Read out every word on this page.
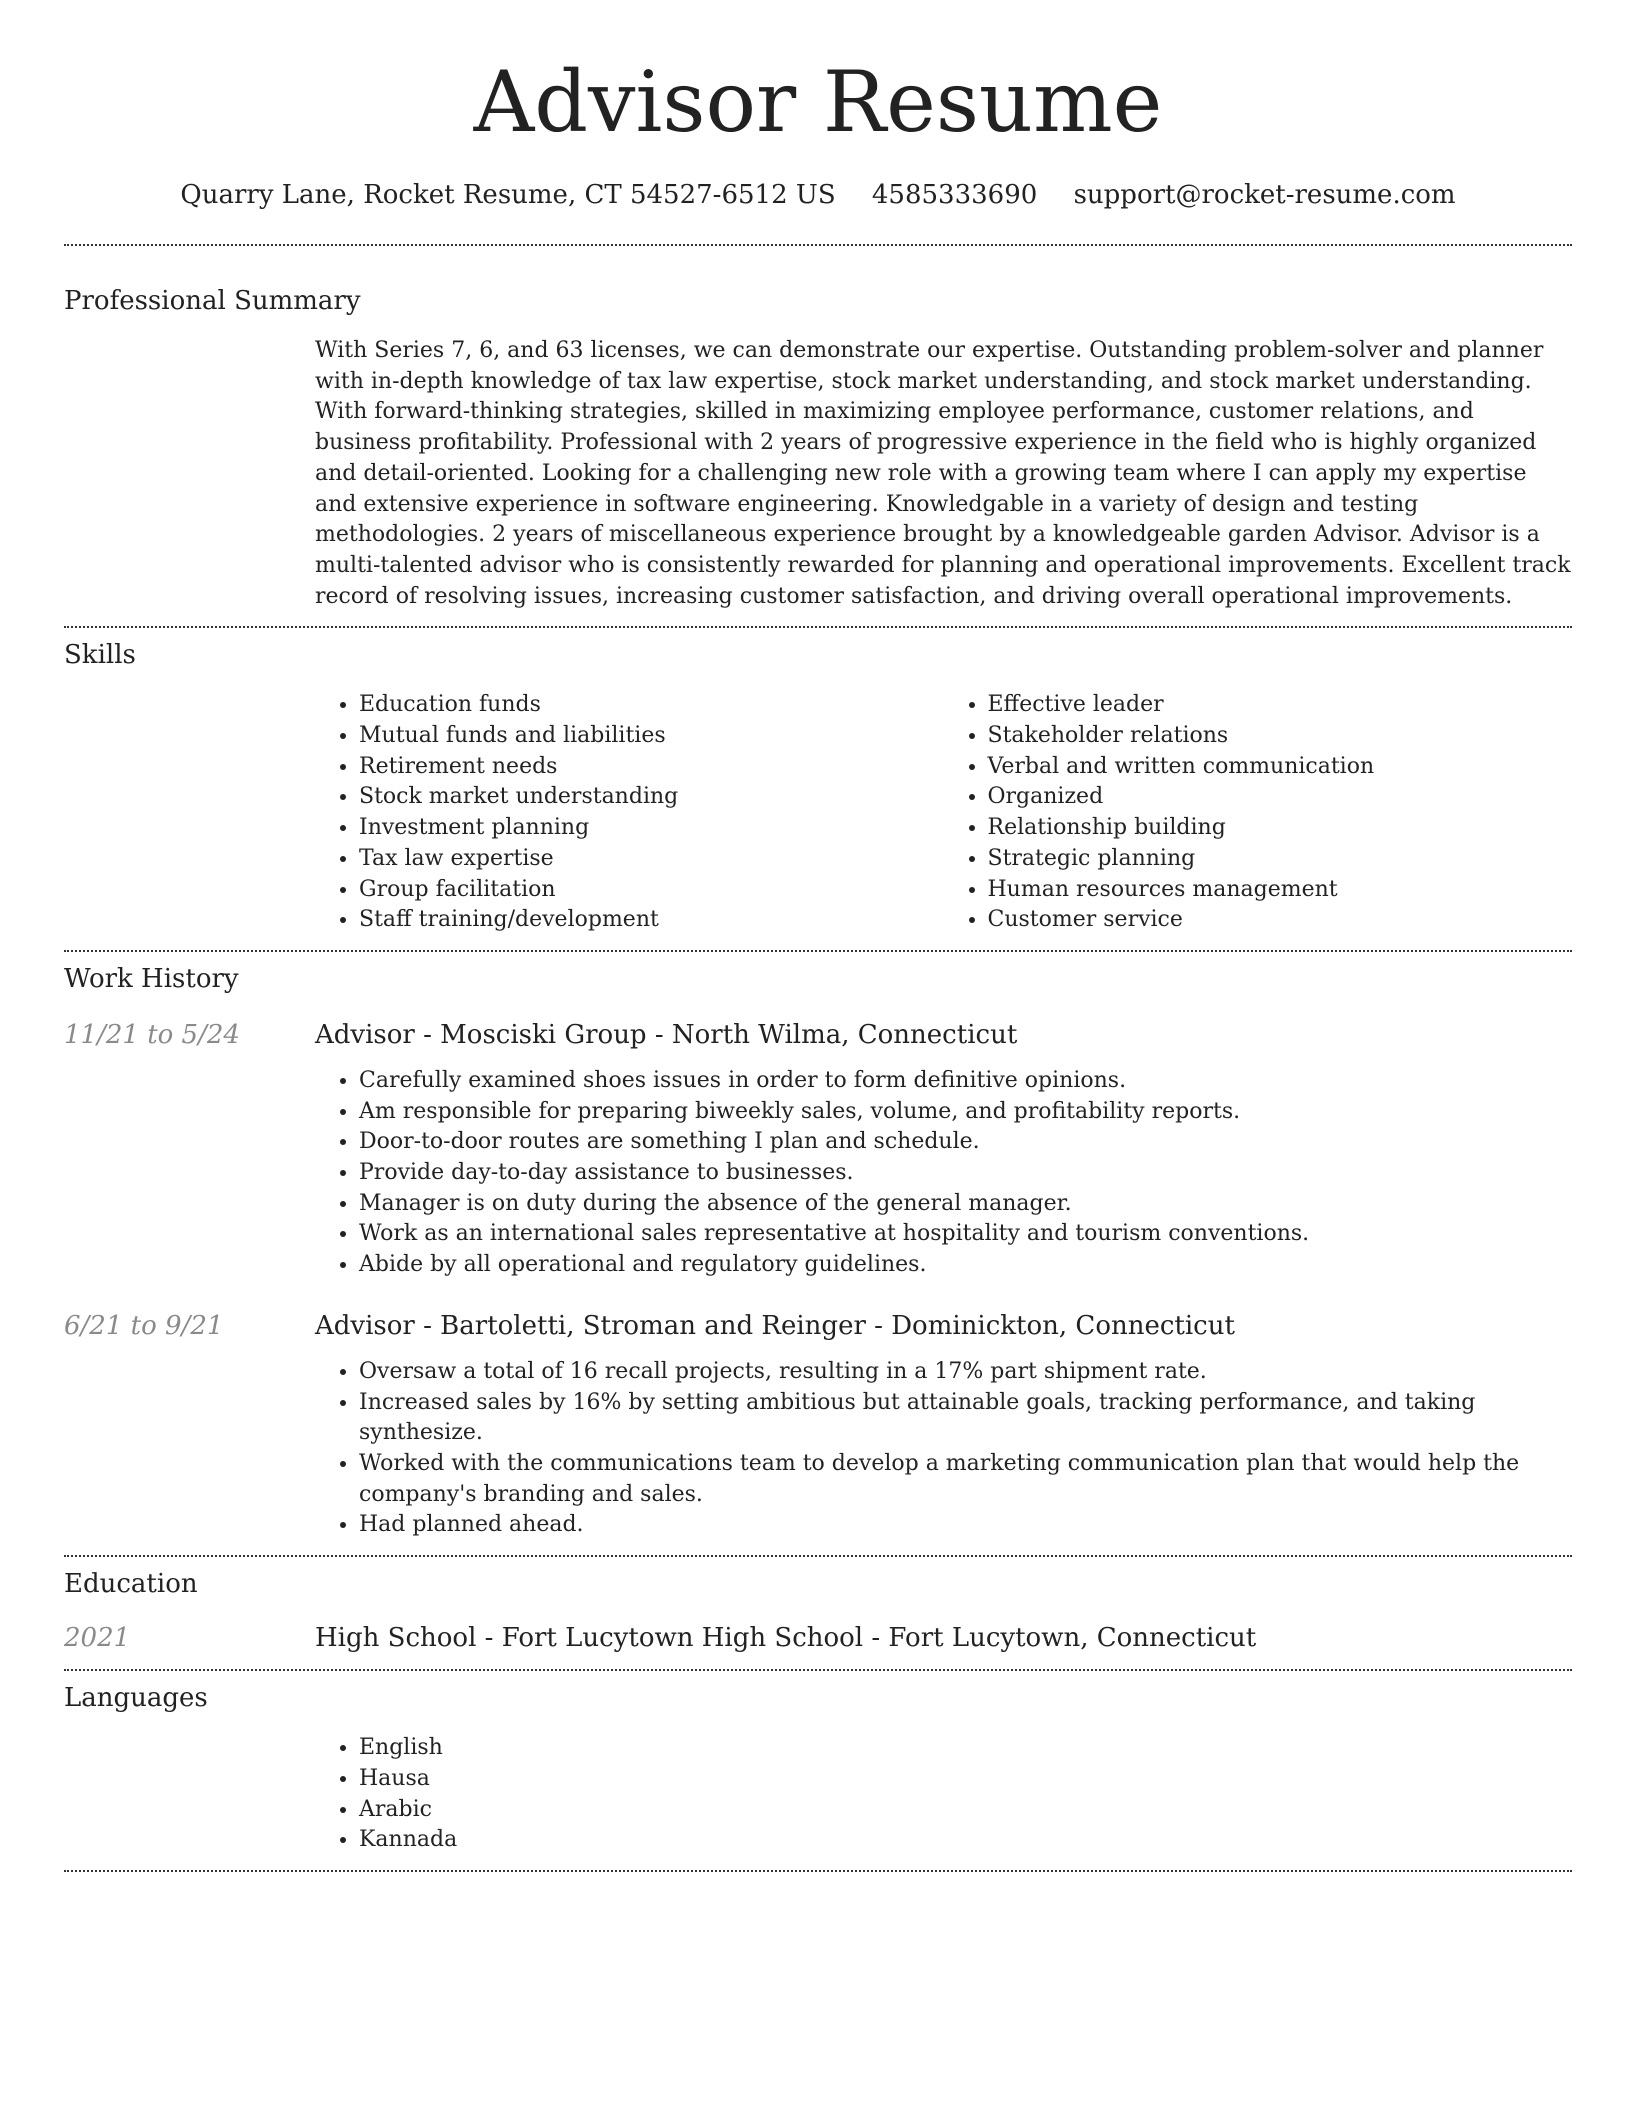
Advisor Resume
Quarry Lane, Rocket Resume, CT 54527-6512 US 4585333690 support@rocket-resume.com
Professional Summary

With Series 7, 6, and 63 licenses, we can demonstrate our expertise. Outstanding problem-solver and planner with in-depth knowledge of tax law expertise, stock market understanding, and stock market understanding. With forward-thinking strategies, skilled in maximizing employee performance, customer relations, and business profitability. Professional with 2 years of progressive experience in the field who is highly organized and detail-oriented. Looking for a challenging new role with a growing team where I can apply my expertise and extensive experience in software engineering. Knowledgable in a variety of design and testing methodologies. 2 years of miscellaneous experience brought by a knowledgeable garden Advisor. Advisor is a multi-talented advisor who is consistently rewarded for planning and operational improvements. Excellent track record of resolving issues, increasing customer satisfaction, and driving overall operational improvements.

Skills
• Education funds
• Mutual funds and liabilities
• Retirement needs
• Stock market understanding
• Investment planning
• Tax law expertise
• Group facilitation
• Staff training/development
• Effective leader
• Stakeholder relations
• Verbal and written communication
• Organized
• Relationship building
• Strategic planning
• Human resources management
• Customer service
Work History
11/21 to 5/24	Advisor - Mosciski Group - North Wilma, Connecticut
• Carefully examined shoes issues in order to form definitive opinions.
• Am responsible for preparing biweekly sales, volume, and profitability reports.
• Door-to-door routes are something I plan and schedule.
• Provide day-to-day assistance to businesses.
• Manager is on duty during the absence of the general manager.
• Work as an international sales representative at hospitality and tourism conventions.
• Abide by all operational and regulatory guidelines.
6/21 to 9/21	Advisor - Bartoletti, Stroman and Reinger - Dominickton, Connecticut
• Oversaw a total of 16 recall projects, resulting in a 17% part shipment rate.
• Increased sales by 16% by setting ambitious but attainable goals, tracking performance, and taking synthesize.
• Worked with the communications team to develop a marketing communication plan that would help the company's branding and sales.
• Had planned ahead.
Education
2021	High School - Fort Lucytown High School - Fort Lucytown, Connecticut
Languages
• English
• Hausa
• Arabic
• Kannada
